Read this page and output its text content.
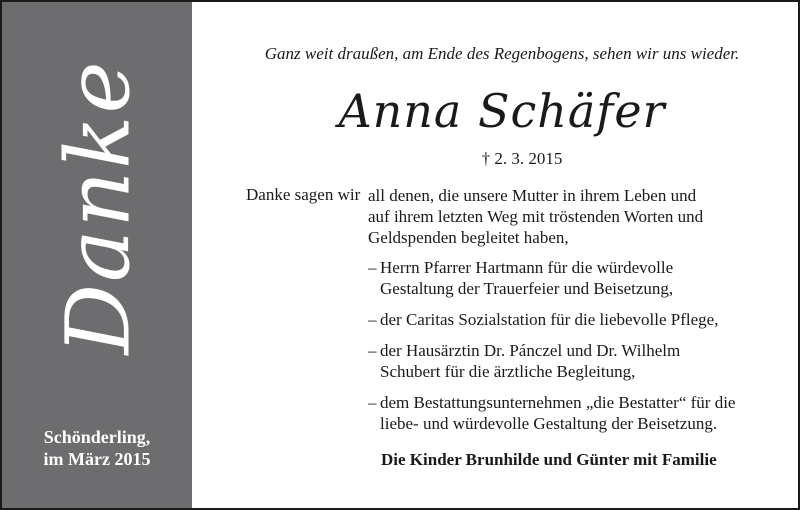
Danke
Schönderling,
im März 2015
Ganz weit draußen, am Ende des Regenbogens, sehen wir uns wieder.
Anna Schäfer
† 2. 3. 2015
Danke sagen wir all denen, die unsere Mutter in ihrem Leben und
auf ihrem letzten Weg mit tröstenden Worten und
Geldspenden begleitet haben,
– Herrn Pfarrer Hartmann für die würdevolle
Gestaltung der Trauerfeier und Beisetzung,
– der Caritas Sozialstation für die liebevolle Pflege,
– der Hausärztin Dr. Pánczel und Dr. Wilhelm
Schubert für die ärztliche Begleitung,
– dem Bestattungsunternehmen „die Bestatter“ für die
liebe- und würdevolle Gestaltung der Beisetzung.
Die Kinder Brunhilde und Günter mit Familie
